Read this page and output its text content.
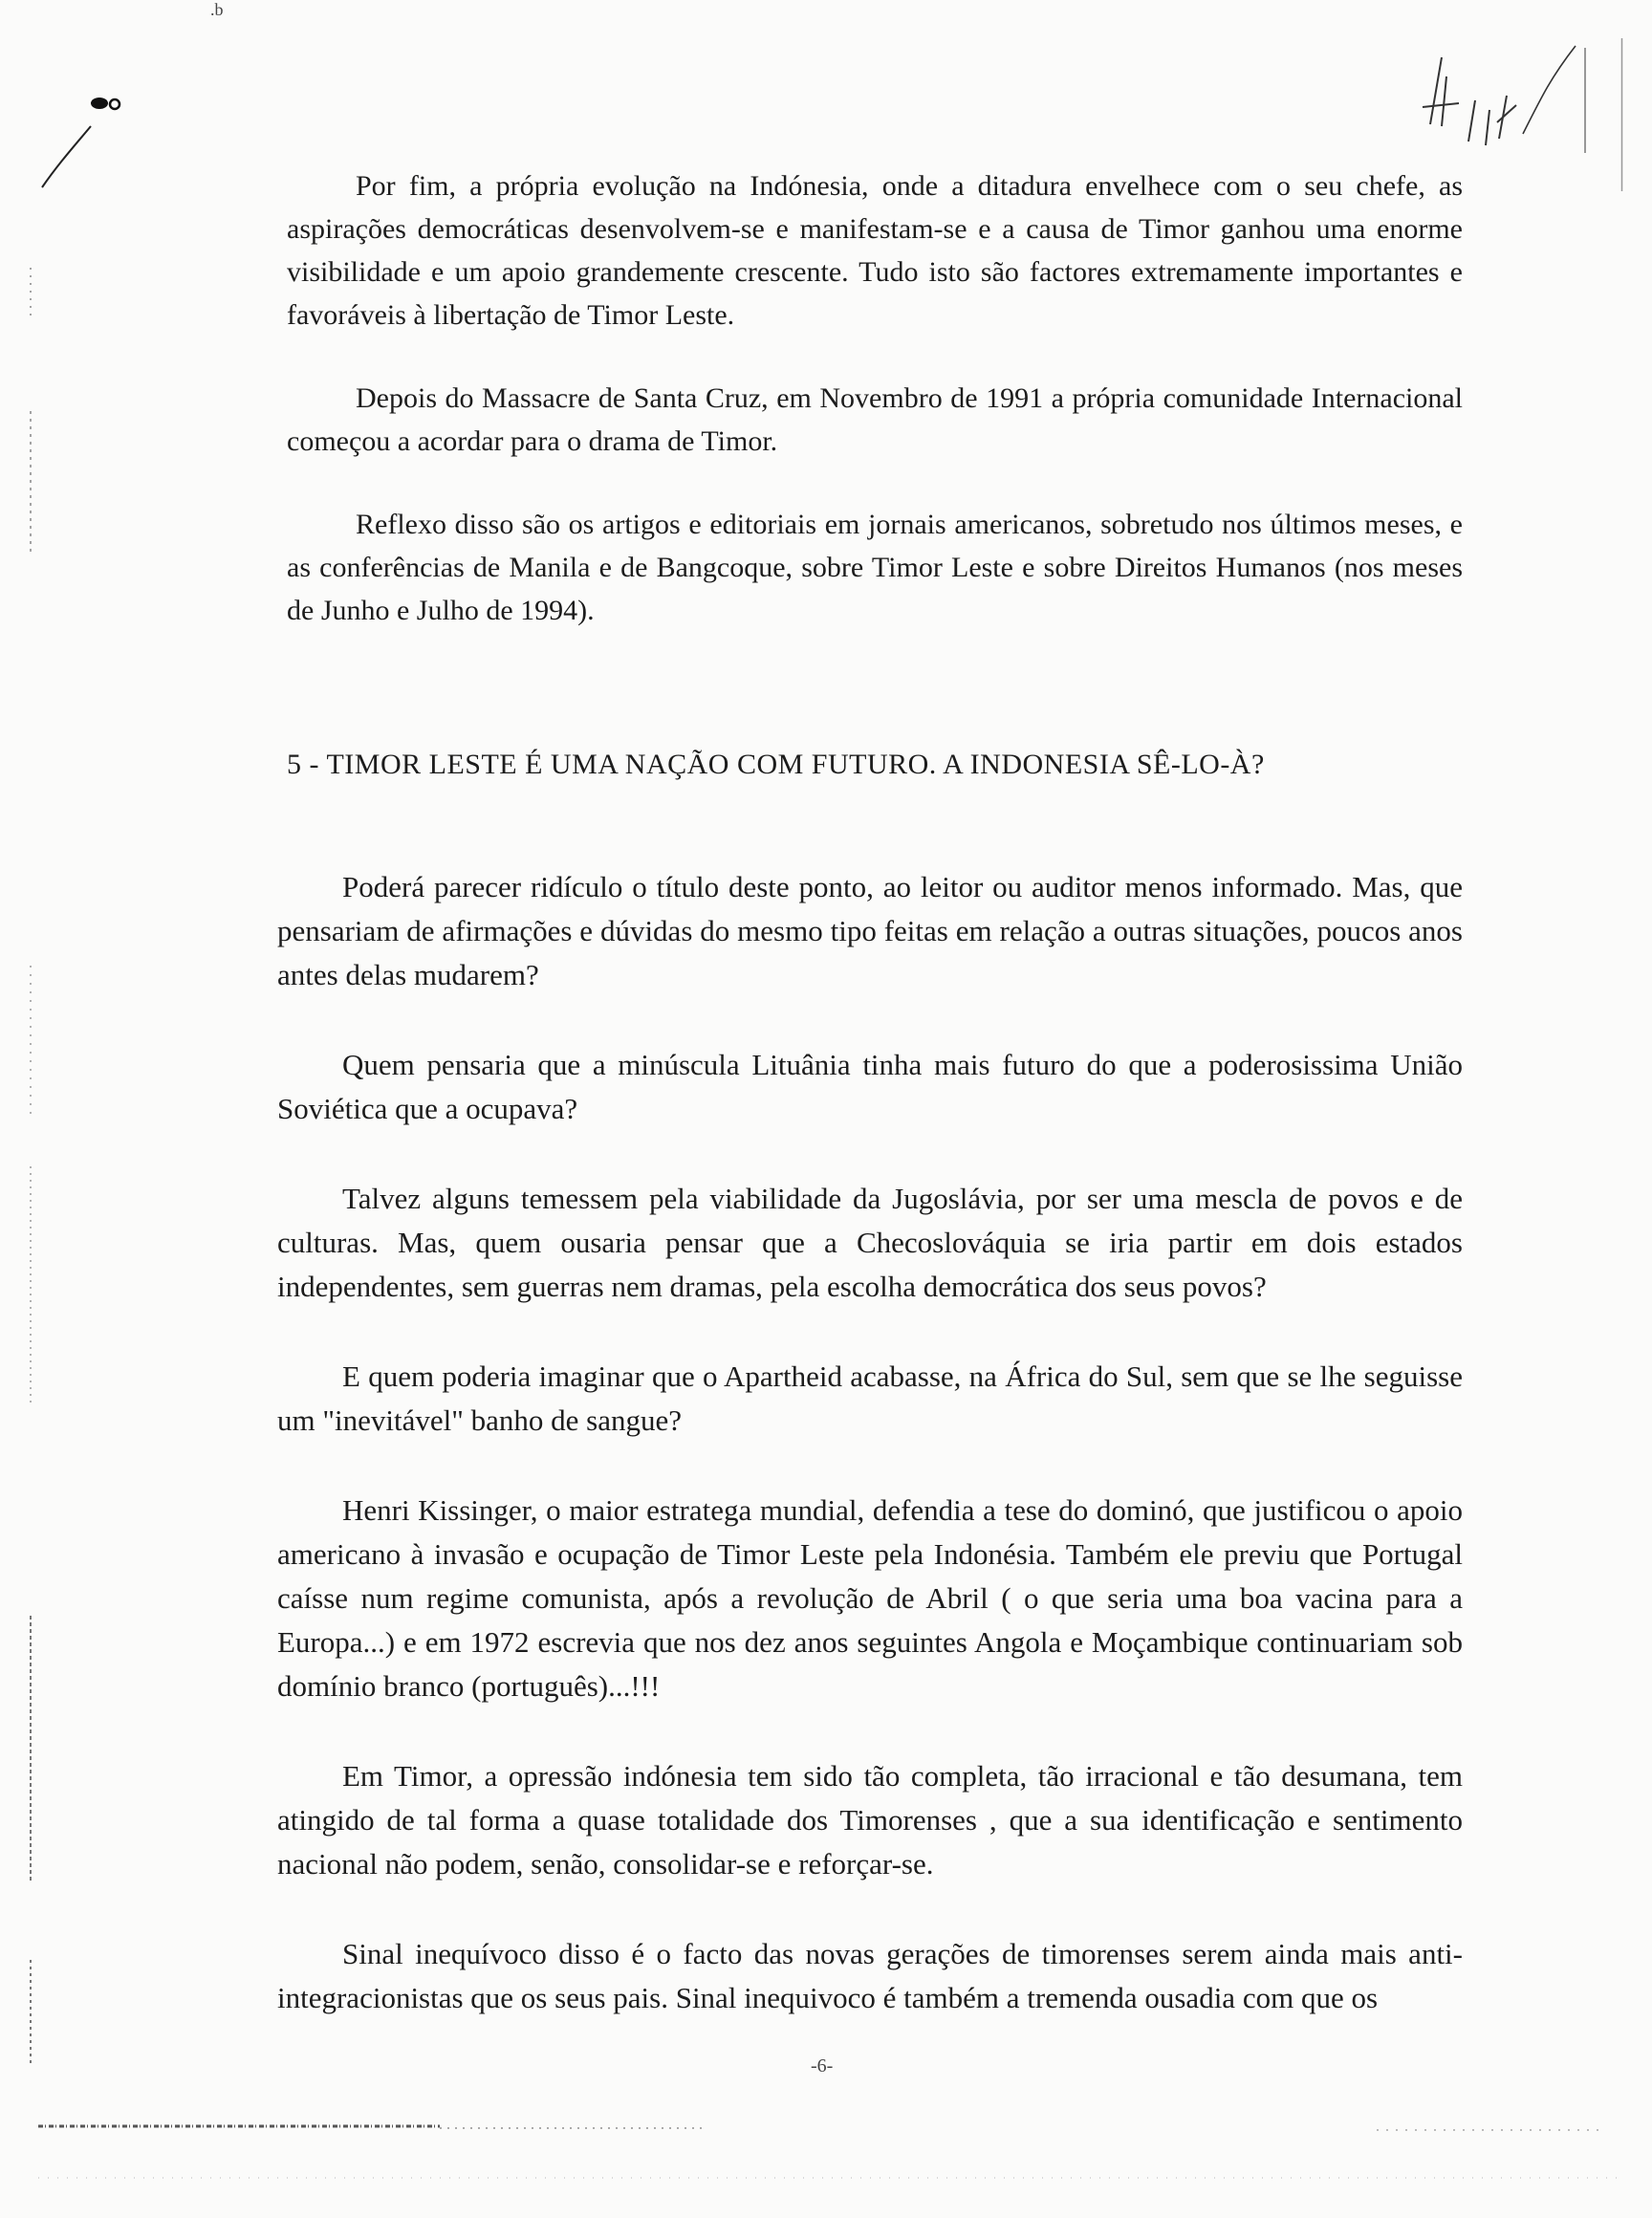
.b

Por fim, a própria evolução na Indónesia, onde a ditadura envelhece com o seu chefe, as aspirações democráticas desenvolvem-se e manifestam-se e a causa de Timor ganhou uma enorme visibilidade e um apoio grandemente crescente. Tudo isto são factores extremamente importantes e favoráveis à libertação de Timor Leste.

Depois do Massacre de Santa Cruz, em Novembro de 1991 a própria comunidade Internacional começou a acordar para o drama de Timor.

Reflexo disso são os artigos e editoriais em jornais americanos, sobretudo nos últimos meses, e as conferências de Manila e de Bangcoque, sobre Timor Leste e sobre Direitos Humanos (nos meses de Junho e Julho de 1994).

5 - TIMOR LESTE É UMA NAÇÃO COM FUTURO. A INDONESIA SÊ-LO-À?

Poderá parecer ridículo o título deste ponto, ao leitor ou auditor menos informado. Mas, que pensariam de afirmações e dúvidas do mesmo tipo feitas em relação a outras situações, poucos anos antes delas mudarem?

Quem pensaria que a minúscula Lituânia tinha mais futuro do que a poderosissima União Soviética que a ocupava?

Talvez alguns temessem pela viabilidade da Jugoslávia, por ser uma mescla de povos e de culturas. Mas, quem ousaria pensar que a Checoslováquia se iria partir em dois estados independentes, sem guerras nem dramas, pela escolha democrática dos seus povos?

E quem poderia imaginar que o Apartheid acabasse, na África do Sul, sem que se lhe seguisse um "inevitável" banho de sangue?

Henri Kissinger, o maior estratega mundial, defendia a tese do dominó, que justificou o apoio americano à invasão e ocupação de Timor Leste pela Indonésia. Também ele previu que Portugal caísse num regime comunista, após a revolução de Abril ( o que seria uma boa vacina para a Europa...) e em 1972 escrevia que nos dez anos seguintes Angola e Moçambique continuariam sob domínio branco (português)...!!!

Em Timor, a opressão indónesia tem sido tão completa, tão irracional e tão desumana, tem atingido de tal forma a quase totalidade dos Timorenses , que a sua identificação e sentimento nacional não podem, senão, consolidar-se e reforçar-se.

Sinal inequívoco disso é o facto das novas gerações de timorenses serem ainda mais anti-integracionistas que os seus pais. Sinal inequivoco é também a tremenda ousadia com que os

-6-
